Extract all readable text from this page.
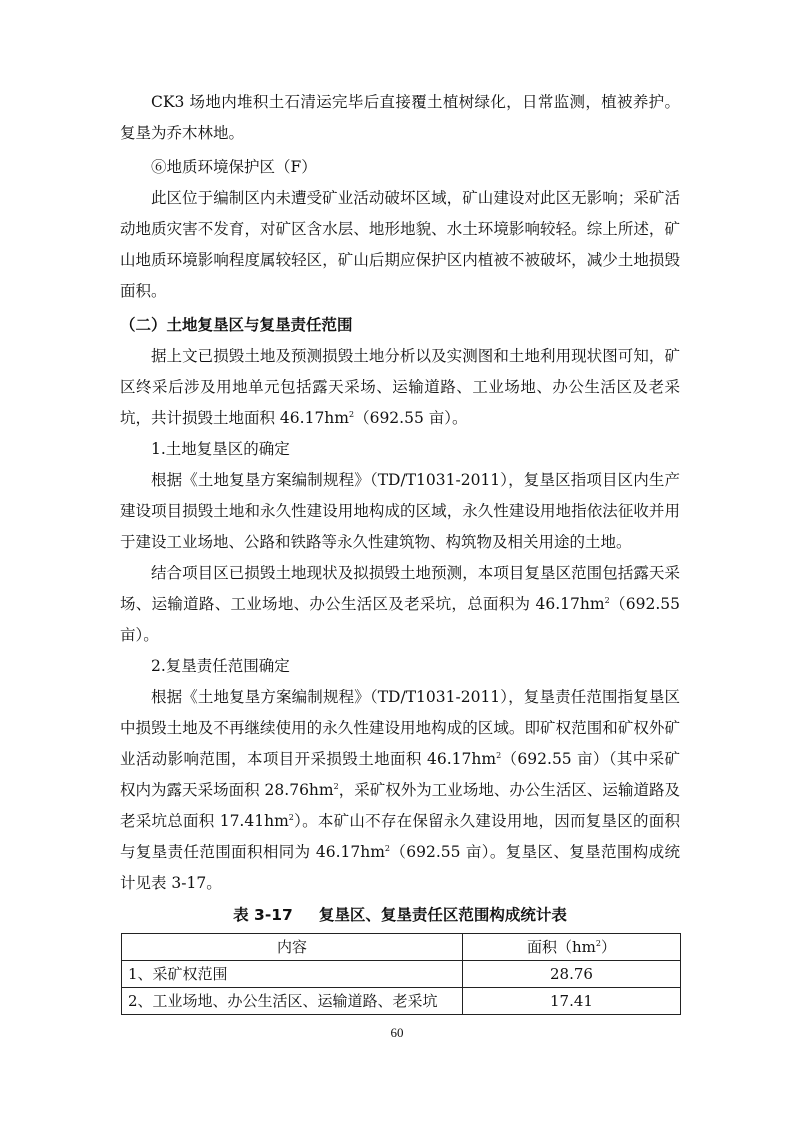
CK3 场地内堆积土石清运完毕后直接覆土植树绿化，日常监测，植被养护。复垦为乔木林地。

⑥地质环境保护区（F）

此区位于编制区内未遭受矿业活动破坏区域，矿山建设对此区无影响；采矿活动地质灾害不发育，对矿区含水层、地形地貌、水土环境影响较轻。综上所述，矿山地质环境影响程度属较轻区，矿山后期应保护区内植被不被破坏，减少土地损毁面积。

（二）土地复垦区与复垦责任范围

据上文已损毁土地及预测损毁土地分析以及实测图和土地利用现状图可知，矿区终采后涉及用地单元包括露天采场、运输道路、工业场地、办公生活区及老采坑，共计损毁土地面积 $46.17hm^2(692.55$ 亩）。

1.土地复垦区的确定

根据《土地复垦方案编制规程》（TD/T1031-2011），复垦区指项目区内生产建设项目损毁土地和永久性建设用地构成的区域，永久性建设用地指依法征收并用于建设工业场地、公路和铁路等永久性建筑物、构筑物及相关用途的土地。

结合项目区已损毁土地现状及拟损毁土地预测，本项目复垦区范围包括露天采场、运输道路、工业场地、办公生活区及老采坑，总面积为 $46.17hm^2(692.55$ 亩）。

2.复垦责任范围确定

根据《土地复垦方案编制规程》（TD/T1031-2011），复垦责任范围指复垦区中损毁土地及不再继续使用的永久性建设用地构成的区域。即矿权范围和矿权外矿业活动影响范围，本项目开采损毁土地面积 $46.17hm^2(692.55$ 亩）（其中采矿权内为露天采场面积 $28.76hm^2$，采矿权外为工业场地、办公生活区、运输道路及老采坑总面积 $17.41hm^2$）。本矿山不存在保留永久建设用地，因而复垦区的面积与复垦责任范围面积相同为 $46.17hm^2(692.55$ 亩）。复垦区、复垦范围构成统计见表 3-17。

表 3-17 复垦区、复垦责任区范围构成统计表

内容	面积$(hm^2)$
1、采矿权范围	28.76
2、工业场地、办公生活区、运输道路、老采坑	17.41
60
